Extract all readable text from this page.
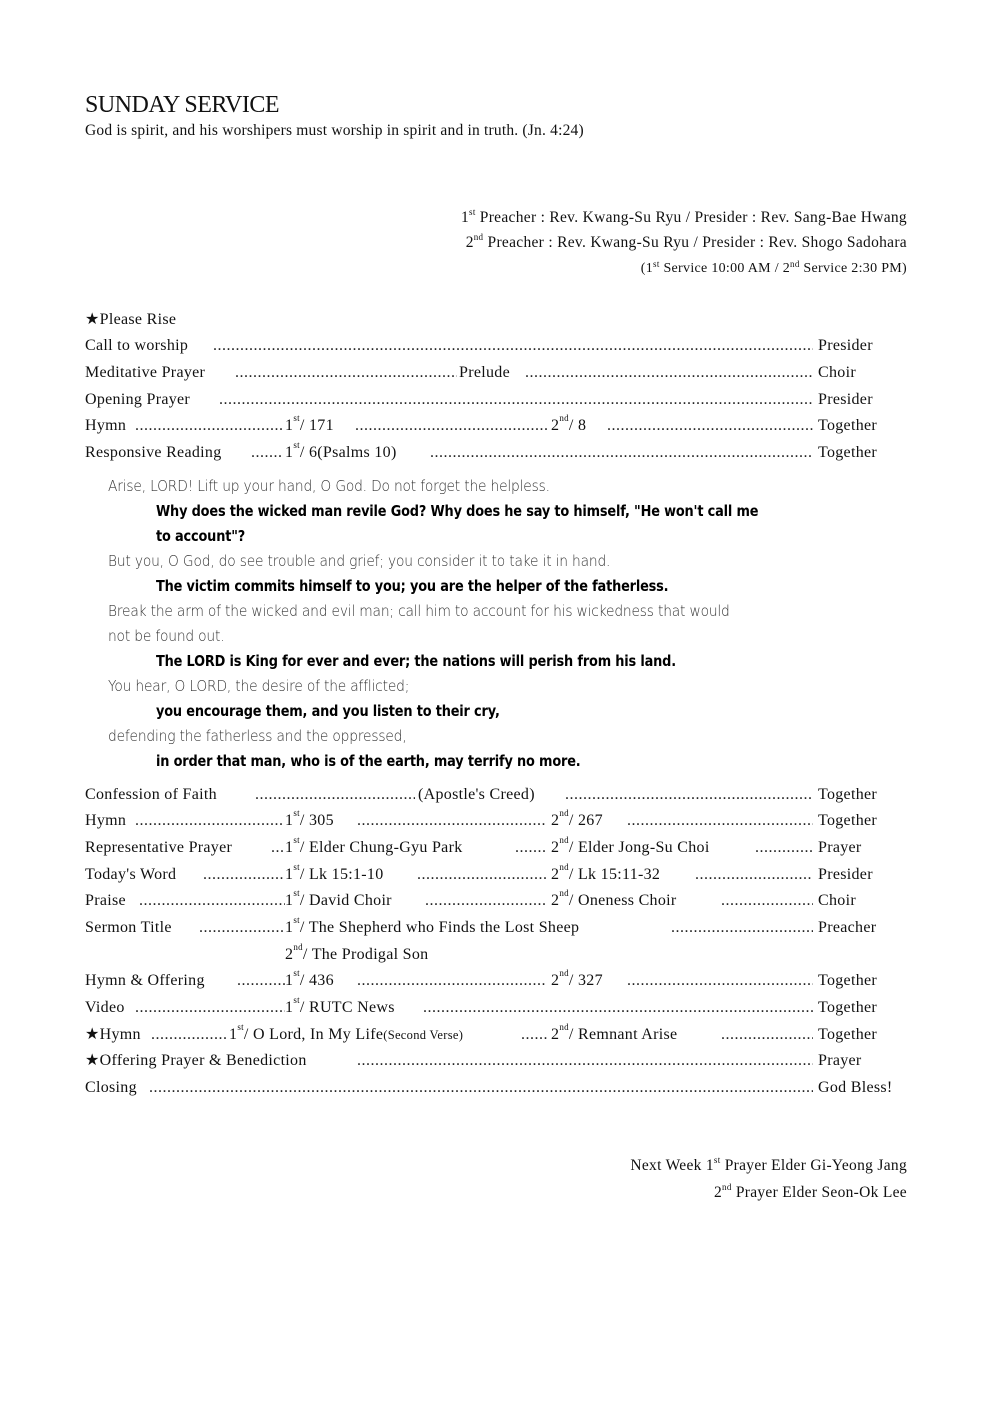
SUNDAY SERVICE
God is spirit, and his worshipers must worship in spirit and in truth. (Jn. 4:24)
1st Preacher : Rev. Kwang-Su Ryu / Presider : Rev. Sang-Bae Hwang
2nd Preacher : Rev. Kwang-Su Ryu / Presider : Rev. Shogo Sadohara
(1st Service 10:00 AM / 2nd Service 2:30 PM)
★Please Rise
.....
Call to worship	Presider
.....
.....
Meditative Prayer	Prelude	Choir
.....
Opening Prayer	Presider
.....
.....
.....
Hymn	1st/ 171	2nd/ 8	Together
.....
.....
Responsive Reading	1st/ 6(Psalms 10)	Together
Arise, LORD! Lift up your hand, O God. Do not forget the helpless.
Why does the wicked man revile God? Why does he say to himself, "He won't call me
to account"?
But you, O God, do see trouble and grief; you consider it to take it in hand.
The victim commits himself to you; you are the helper of the fatherless.
Break the arm of the wicked and evil man; call him to account for his wickedness that would
not be found out.
The LORD is King for ever and ever; the nations will perish from his land.
You hear, O LORD, the desire of the afflicted;
you encourage them, and you listen to their cry,
defending the fatherless and the oppressed,
in order that man, who is of the earth, may terrify no more.
.....
.....
Confession of Faith	(Apostle's Creed)	Together
.....
.....
.....
Hymn	1st/ 305	2nd/ 267	Together
.....
.....
.....
Representative Prayer	1st/ Elder Chung-Gyu Park	2nd/ Elder Jong-Su Choi	Prayer
.....
.....
.....
Today's Word	1st/ Lk 15:1-10	2nd/ Lk 15:11-32	Presider
.....
.....
.....
Praise	1st/ David Choir	2nd/ Oneness Choir	Choir
.....
.....
Sermon Title	1st/ The Shepherd who Finds the Lost Sheep	Preacher
2nd/ The Prodigal Son
.....
.....
.....
Hymn & Offering	1st/ 436	2nd/ 327	Together
.....
.....
Video	1st/ RUTC News	Together
.....
.....
.....
★Hymn	1st/ O Lord, In My Life(Second Verse)	2nd/ Remnant Arise	Together
.....
★Offering Prayer & Benediction	Prayer
.....
Closing	God Bless!
Next Week 1st Prayer Elder Gi-Yeong Jang
2nd Prayer Elder Seon-Ok Lee
